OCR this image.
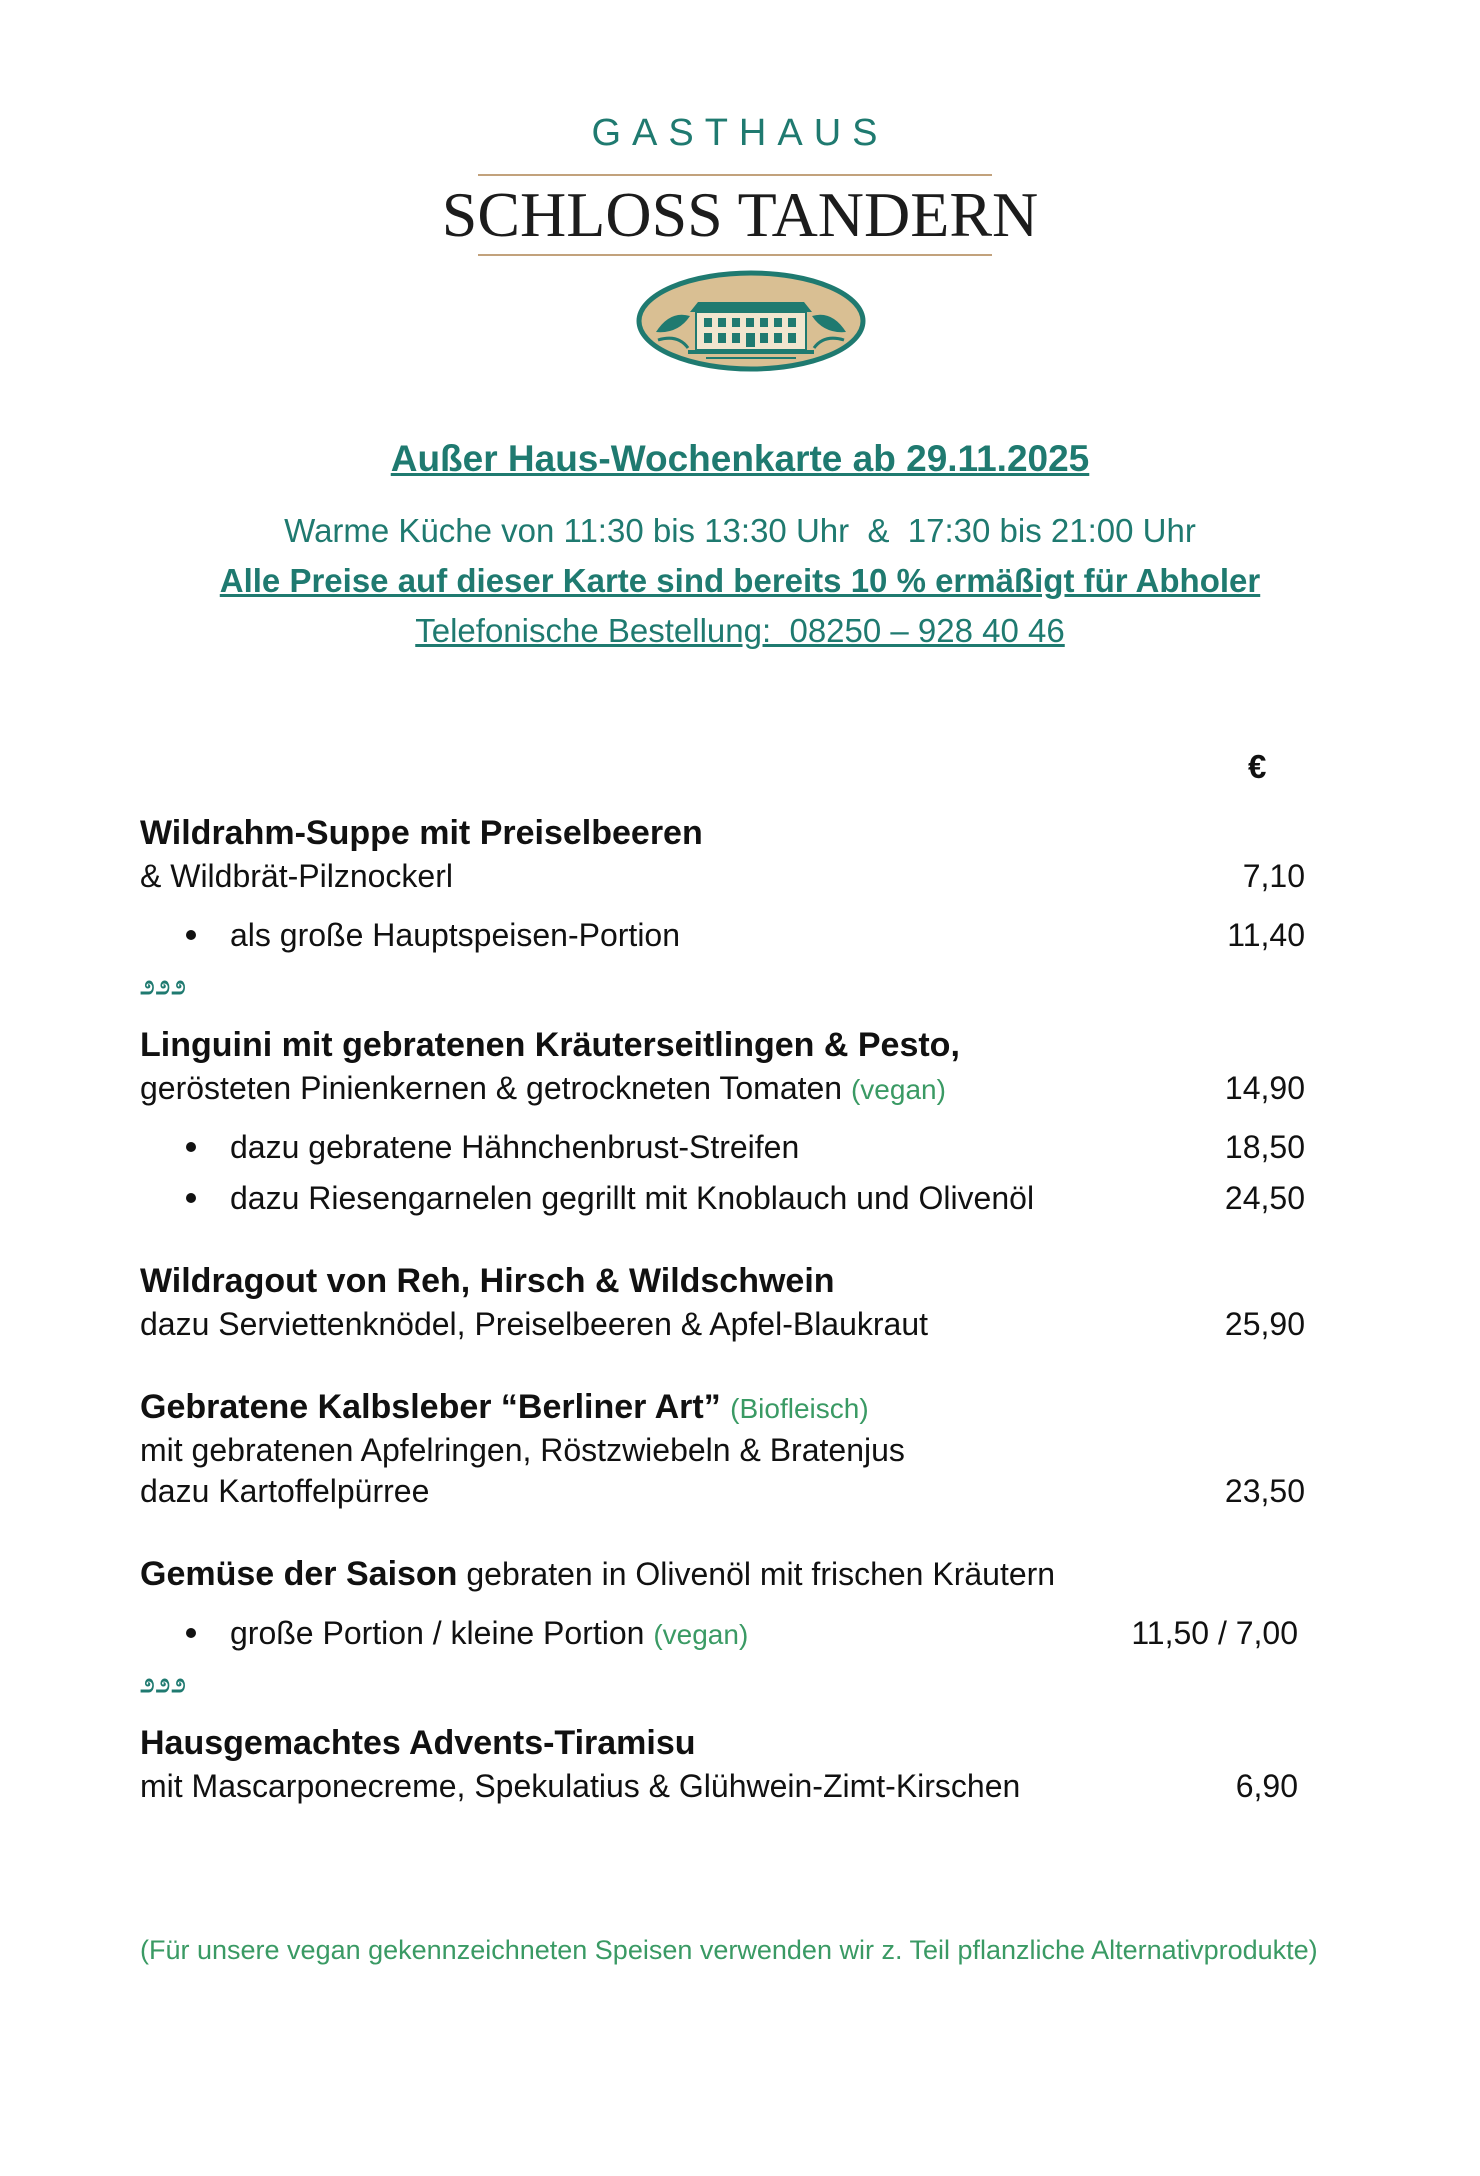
GASTHAUS
SCHLOSS TANDERN
Außer Haus-Wochenkarte ab 29.11.2025
Warme Küche von 11:30 bis 13:30 Uhr  &  17:30 bis 21:00 Uhr
Alle Preise auf dieser Karte sind bereits 10 % ermäßigt für Abholer
Telefonische Bestellung:  08250 – 928 40 46
€
Wildrahm-Suppe mit Preiselbeeren
& Wildbrät-Pilznockerl	7,10
als große Hauptspeisen-Portion	11,40
೨೨೨
Linguini mit gebratenen Kräuterseitlingen & Pesto,
gerösteten Pinienkernen & getrockneten Tomaten (vegan)	14,90
dazu gebratene Hähnchenbrust-Streifen	18,50
dazu Riesengarnelen gegrillt mit Knoblauch und Olivenöl	24,50
Wildragout von Reh, Hirsch & Wildschwein
dazu Serviettenknödel, Preiselbeeren & Apfel-Blaukraut	25,90
Gebratene Kalbsleber “Berliner Art” (Biofleisch)
mit gebratenen Apfelringen, Röstzwiebeln & Bratenjus
dazu Kartoffelpürree	23,50
Gemüse der Saison gebraten in Olivenöl mit frischen Kräutern
große Portion / kleine Portion (vegan)	11,50 / 7,00
೨೨೨
Hausgemachtes Advents-Tiramisu
mit Mascarponecreme, Spekulatius & Glühwein-Zimt-Kirschen	6,90
(Für unsere vegan gekennzeichneten Speisen verwenden wir z. Teil pflanzliche Alternativprodukte)
